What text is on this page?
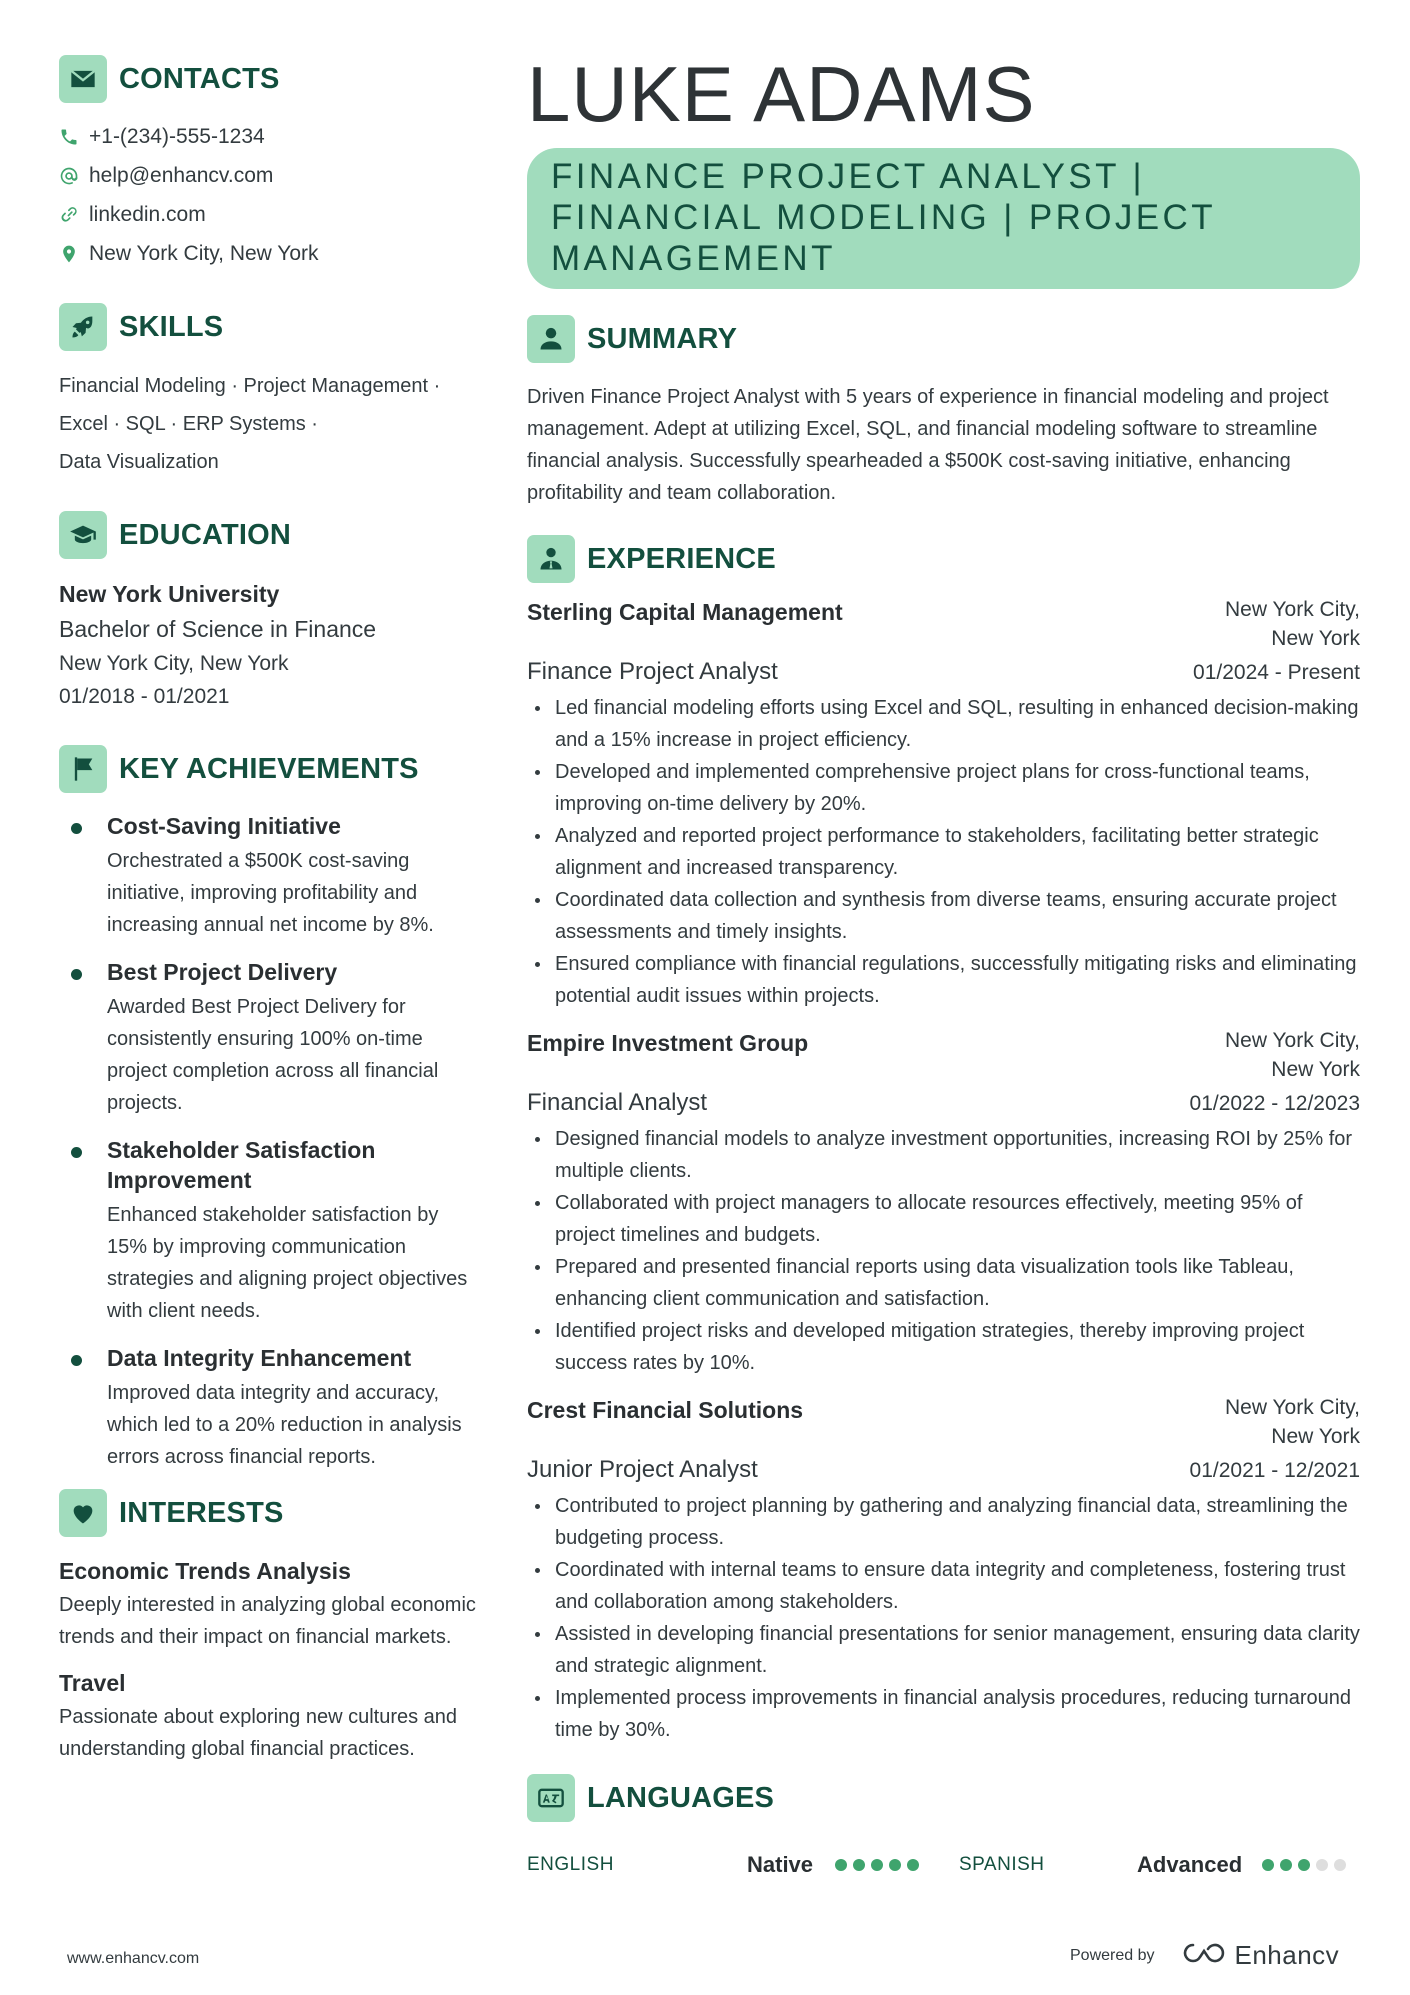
CONTACTS
+1-(234)-555-1234
help@enhancv.com
linkedin.com
New York City, New York
SKILLS
Financial Modeling · Project Management ·
Excel · SQL · ERP Systems ·
Data Visualization
EDUCATION
New York University
Bachelor of Science in Finance
New York City, New York
01/2018 - 01/2021
KEY ACHIEVEMENTS
Cost-Saving Initiative
Orchestrated a $500K cost-saving initiative, improving profitability and increasing annual net income by 8%.
Best Project Delivery
Awarded Best Project Delivery for consistently ensuring 100% on-time project completion across all financial projects.
Stakeholder Satisfaction Improvement
Enhanced stakeholder satisfaction by 15% by improving communication strategies and aligning project objectives with client needs.
Data Integrity Enhancement
Improved data integrity and accuracy, which led to a 20% reduction in analysis errors across financial reports.
INTERESTS
Economic Trends Analysis
Deeply interested in analyzing global economic trends and their impact on financial markets.
Travel
Passionate about exploring new cultures and understanding global financial practices.
LUKE ADAMS
FINANCE PROJECT ANALYST | FINANCIAL MODELING | PROJECT MANAGEMENT
SUMMARY
Driven Finance Project Analyst with 5 years of experience in financial modeling and project management. Adept at utilizing Excel, SQL, and financial modeling software to streamline financial analysis. Successfully spearheaded a $500K cost-saving initiative, enhancing profitability and team collaboration.
EXPERIENCE
Sterling Capital Management	New York City,
New York
Finance Project Analyst	01/2024 - Present
Led financial modeling efforts using Excel and SQL, resulting in enhanced decision-making and a 15% increase in project efficiency.
Developed and implemented comprehensive project plans for cross-functional teams, improving on-time delivery by 20%.
Analyzed and reported project performance to stakeholders, facilitating better strategic alignment and increased transparency.
Coordinated data collection and synthesis from diverse teams, ensuring accurate project assessments and timely insights.
Ensured compliance with financial regulations, successfully mitigating risks and eliminating potential audit issues within projects.
Empire Investment Group	New York City,
New York
Financial Analyst	01/2022 - 12/2023
Designed financial models to analyze investment opportunities, increasing ROI by 25% for multiple clients.
Collaborated with project managers to allocate resources effectively, meeting 95% of project timelines and budgets.
Prepared and presented financial reports using data visualization tools like Tableau, enhancing client communication and satisfaction.
Identified project risks and developed mitigation strategies, thereby improving project success rates by 10%.
Crest Financial Solutions	New York City,
New York
Junior Project Analyst	01/2021 - 12/2021
Contributed to project planning by gathering and analyzing financial data, streamlining the budgeting process.
Coordinated with internal teams to ensure data integrity and completeness, fostering trust and collaboration among stakeholders.
Assisted in developing financial presentations for senior management, ensuring data clarity and strategic alignment.
Implemented process improvements in financial analysis procedures, reducing turnaround time by 30%.
LANGUAGES
ENGLISH	Native	SPANISH	Advanced
www.enhancv.com	Powered by	Enhancv
